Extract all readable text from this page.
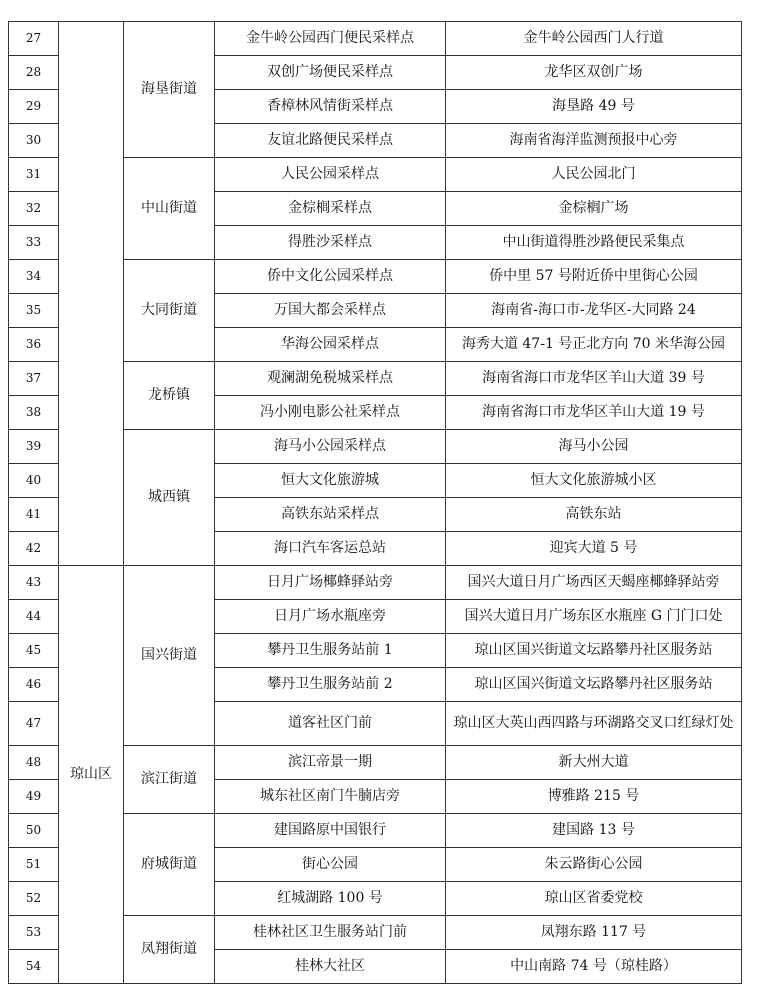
27		海垦街道	金牛岭公园西门便民采样点	金牛岭公园西门人行道
28			双创广场便民采样点	龙华区双创广场
29			香樟林风情街采样点	海垦路 49 号
30			友谊北路便民采样点	海南省海洋监测预报中心旁
31		中山街道	人民公园采样点	人民公园北门
32			金棕榈采样点	金棕榈广场
33			得胜沙采样点	中山街道得胜沙路便民采集点
34		大同街道	侨中文化公园采样点	侨中里 57 号附近侨中里街心公园
35			万国大都会采样点	海南省-海口市-龙华区-大同路 24
36			华海公园采样点	海秀大道 47-1 号正北方向 70 米华海公园
37		龙桥镇	观澜湖免税城采样点	海南省海口市龙华区羊山大道 39 号
38			冯小刚电影公社采样点	海南省海口市龙华区羊山大道 19 号
39		城西镇	海马小公园采样点	海马小公园
40			恒大文化旅游城	恒大文化旅游城小区
41			高铁东站采样点	高铁东站
42			海口汽车客运总站	迎宾大道 5 号
43	琼山区	国兴街道	日月广场椰蜂驿站旁	国兴大道日月广场西区天蝎座椰蜂驿站旁
44			日月广场水瓶座旁	国兴大道日月广场东区水瓶座 G 门门口处
45			攀丹卫生服务站前 1	琼山区国兴街道文坛路攀丹社区服务站
46			攀丹卫生服务站前 2	琼山区国兴街道文坛路攀丹社区服务站
47			道客社区门前	琼山区大英山西四路与环湖路交叉口红绿灯处
48		滨江街道	滨江帝景一期	新大州大道
49			城东社区南门牛腩店旁	博雅路 215 号
50		府城街道	建国路原中国银行	建国路 13 号
51			街心公园	朱云路街心公园
52			红城湖路 100 号	琼山区省委党校
53		凤翔街道	桂林社区卫生服务站门前	凤翔东路 117 号
54			桂林大社区	中山南路 74 号（琼桂路）
